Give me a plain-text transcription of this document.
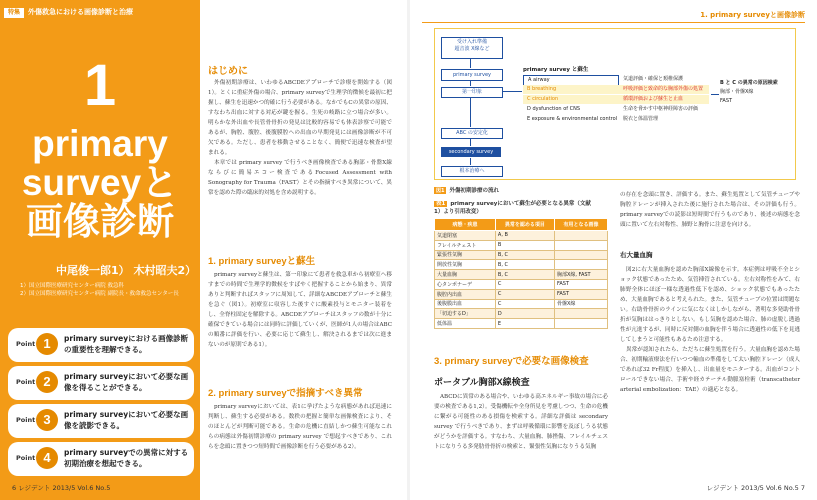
特集	外傷救急における画像診断と治療
1
primary
surveyと
画像診断
中尾俊一郎1） 木村昭夫2）
1）国立国際医療研究センター病院 救急科
2）国立国際医療研究センター病院 副院長・救命救急センター長
Point 1	primary surveyにおける画像診断の重要性を理解できる。
Point 2	primary surveyにおいて必要な画像を得ることができる。
Point 3	primary surveyにおいて必要な画像を読影できる。
Point 4	primary surveyでの異常に対する初期治療を想起できる。
はじめに

外傷初期診療は、いわゆるABCDEアプローチで診療を開始する（図1）。とくに重症外傷の場合、primary surveyで生理学的徴候を最初に把握し、蘇生を迅速かつ的確に行う必要がある。なかでもCの異常の原因、すなわち出血に対する対応が鍵を握る。生死の岐路に立つ場合が多い。明らかな外出血や長管骨骨折の発見は比較的容易でも体表診察で可能であるが、胸腔、腹腔、後腹膜腔への出血の早期発見には画像診断が不可欠である。ただし、患者を移動させることなく、簡便で迅速な検査が望まれる。

本章では primary survey で行うべき画像検査である胸部・骨盤X線ならびに簡易エコー検査であるFocused Assessment with Sonography for Trauma（FAST）とその指摘すべき異常について、異常を認めた際の臨床的対処を含め説明する。

1. primary surveyと蘇生

primary surveyと蘇生は、第一印象にて患者を救急車から初療室へ移すまでの時間で生理学的徴候をすばやく把握することから始まり、異常ありと判断すればスタッフに周知して、詳細なABCDEアプローチと蘇生を急ぐ（図1）。初療室に収容した後すぐに酸素投与とモニター装着をし、全脊柱固定を解除する。ABCDEアプローチはスタッフの数が十分に確保できている場合には同時に評価していくが、医師が1人の場合はABCの順番に評価を行い、必要に応じて蘇生し、解決されるまでは次に進まないのが原則である1）。

2. primary surveyで指摘すべき異常

primary surveyにおいては、表1に挙げたような病態があれば迅速に判断し、蘇生する必要がある。数秩の把握と簡単な画像検査により、そのほとんどが判断可能である。生命の危機に直結しかつ蘇生可能なこれらの病態は外傷初期診療の primary survey で想起すべきであり、これらを念頭に置きつつ短時間で画像診断を行う必要がある2）。

6 レジデント 2013/5 Vol.6 No.5
1. primary surveyと画像診断
受け入れ準備
超音波 X線など
primary survey
第一印象
primary survey と蘇生
A airway	気道評価・確保と頚椎保護
B breathing	呼吸評価と致命的な胸部外傷の処置
C circulation	循環評価および蘇生と止血
D dysfunction of CNS	生命を脅かす中枢神経障害の評価
E exposure & environmental control	脱衣と体温管理
B と C の異常の原因検索
胸部・骨盤X線
FAST
ABC の安定化
secondary survey
根本治療へ
図1 外傷初期診療の流れ
表1 primary surveyにおいて蘇生が必要となる異常（文献1）より引用改変）
病態・疾患	異常を認める項目	有用となる画像
気道閉塞	A, B	
フレイルチェスト	B	
緊張性気胸	B, C	
開放性気胸	B, C	
大量血胸	B, C	胸部X線, FAST
心タンポナーデ	C	FAST
腹腔内出血	C	FAST
後腹膜出血	C	骨盤X線
「切迫するD」	D	
低体温	E	
3. primary surveyで必要な画像検査
ポータブル胸部X線検査

ABCDに異常のある場合や、いわゆる高エネルギー事故の場合に必要の検査である1,2）。受傷機転や全身所見を考慮しつつ、生命の危機に繋がる可能性のある損傷を検索する。詳細な評価は secondary survey で行うべきであり、まずは呼吸循環に影響を及ぼしうる状態がどうかを評価する。すなわち、大量血胸、肺挫傷、フレイルチェストになりうる多発肋骨骨折の検索と、緊張性気胸になりうる気胸

の存在を念頭に置き、評価する。また、蘇生処置として気管チューブや胸腔ドレーンが挿入された後に施行された場合は、その評価も行う。primary surveyでの読影は短時間で行うものであり、後述の病態を念頭に置いて左右対称性、肺野と胸骨に注意を向ける。

右大量血胸

図2に右大量血胸を認めた胸部X線像を示す。本症例は呼吸不全とショック状態であったため、気管挿管されている。左右対称性をみて、右肺野全体にほぼ一様な透過性低下を認め、ショック状態でもあったため、大量血胸であると考えられた。また、気管チューブの位置は問題ない。右助骨骨折のラインに気になくはしかしながら、著明な多発助骨骨折が気胸ははっきりとしない。もし気胸を認めた場合、肺の虚脱し透過性が亢進するが、同時に反対側の血胸を伴う場合に透過性の低下を見逃してしまうと可能性もあるため注意する。

異常が認知されたら、ただちに蘇生処置を行う。大量血胸を認めた場合、初期輸液療法を行いつつ輸血の準備をして太い胸腔ドレーン（成人であれば32 Fr程度）を挿入し、出血量をモニターする。出血がコントロールできない場合、手術や経カテーテル動脈塞栓術（transcatheter arterial embolization：TAE）の適応となる。

レジデント 2013/5 Vol.6 No.5 7
